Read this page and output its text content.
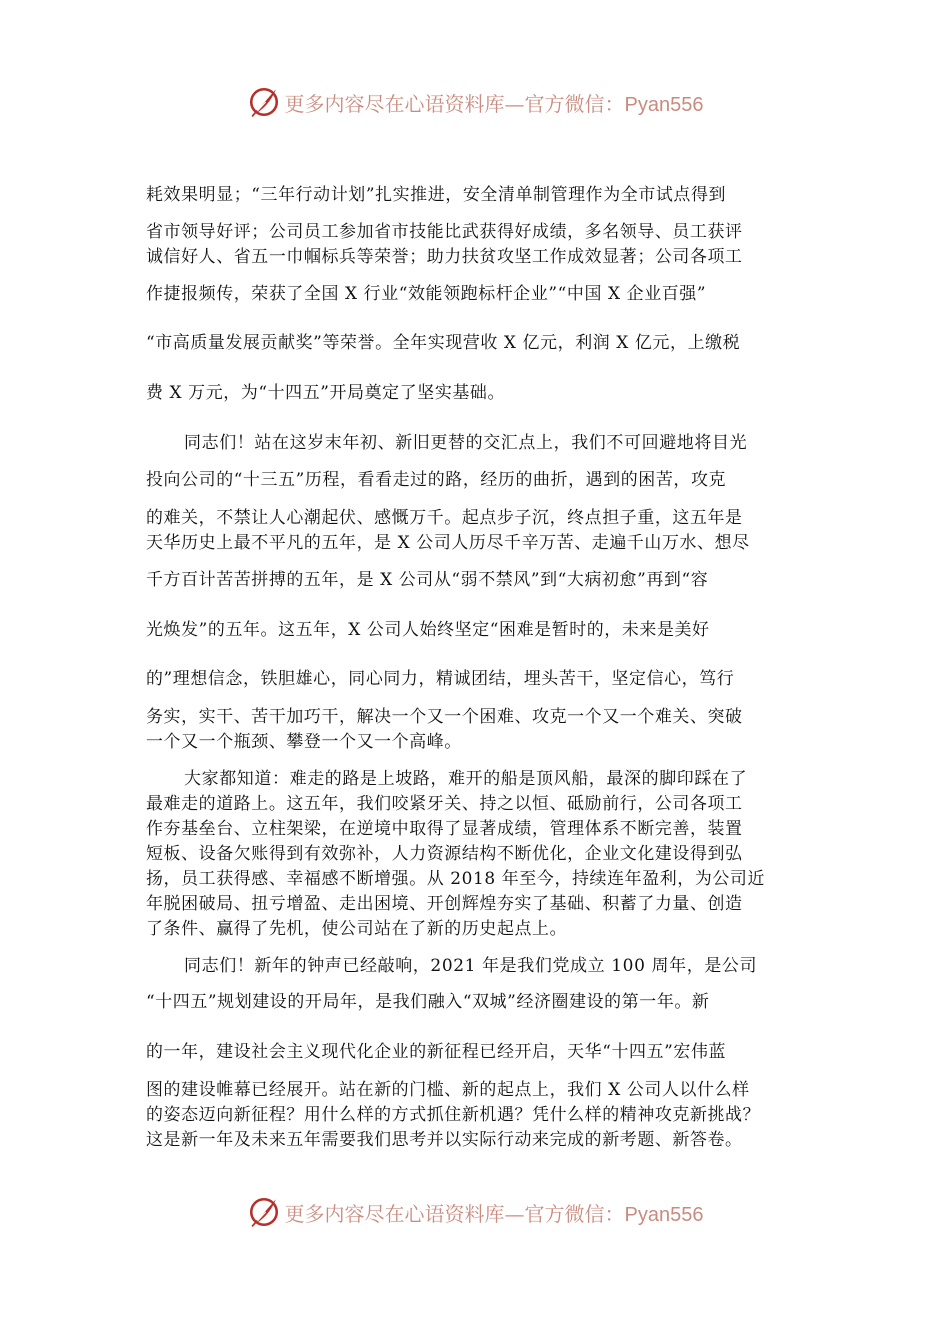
更多内容尽在心语资料库—官方微信：Pyan556
耗效果明显；“三年行动计划”扎实推进，安全清单制管理作为全市试点得到
省市领导好评；公司员工参加省市技能比武获得好成绩，多名领导、员工获评
诚信好人、省五一巾帼标兵等荣誉；助力扶贫攻坚工作成效显著；公司各项工
作捷报频传，荣获了全国 X 行业“效能领跑标杆企业”“中国 X 企业百强”
“市高质量发展贡献奖”等荣誉。全年实现营收 X 亿元，利润 X 亿元，上缴税
费 X 万元，为“十四五”开局奠定了坚实基础。
同志们！站在这岁末年初、新旧更替的交汇点上，我们不可回避地将目光
投向公司的“十三五”历程，看看走过的路，经历的曲折，遇到的困苦，攻克
的难关，不禁让人心潮起伏、感慨万千。起点步子沉，终点担子重，这五年是
天华历史上最不平凡的五年，是 X 公司人历尽千辛万苦、走遍千山万水、想尽
千方百计苦苦拼搏的五年，是 X 公司从“弱不禁风”到“大病初愈”再到“容
光焕发”的五年。这五年，X 公司人始终坚定“困难是暂时的，未来是美好
的”理想信念，铁胆雄心，同心同力，精诚团结，埋头苦干，坚定信心，笃行
务实，实干、苦干加巧干，解决一个又一个困难、攻克一个又一个难关、突破
一个又一个瓶颈、攀登一个又一个高峰。
大家都知道：难走的路是上坡路，难开的船是顶风船，最深的脚印踩在了
最难走的道路上。这五年，我们咬紧牙关、持之以恒、砥励前行，公司各项工
作夯基垒台、立柱架梁，在逆境中取得了显著成绩，管理体系不断完善，装置
短板、设备欠账得到有效弥补，人力资源结构不断优化，企业文化建设得到弘
扬，员工获得感、幸福感不断增强。从 2018 年至今，持续连年盈利，为公司近
年脱困破局、扭亏增盈、走出困境、开创辉煌夯实了基础、积蓄了力量、创造
了条件、赢得了先机，使公司站在了新的历史起点上。
同志们！新年的钟声已经敲响，2021 年是我们党成立 100 周年，是公司
“十四五”规划建设的开局年，是我们融入“双城”经济圈建设的第一年。新
的一年，建设社会主义现代化企业的新征程已经开启，天华“十四五”宏伟蓝
图的建设帷幕已经展开。站在新的门槛、新的起点上，我们 X 公司人以什么样
的姿态迈向新征程？用什么样的方式抓住新机遇？凭什么样的精神攻克新挑战？
这是新一年及未来五年需要我们思考并以实际行动来完成的新考题、新答卷。
更多内容尽在心语资料库—官方微信：Pyan556
